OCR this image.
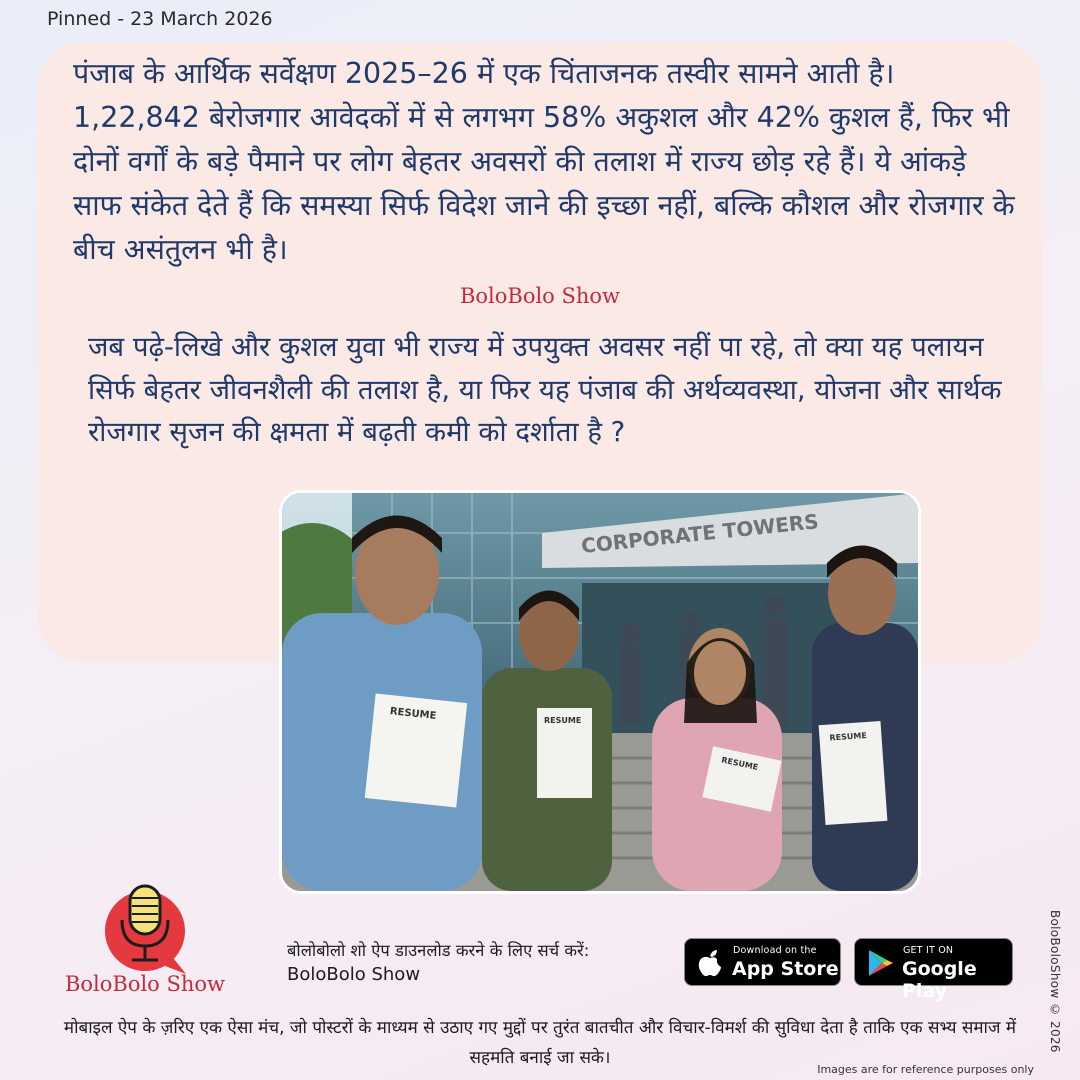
Pinned - 23 March 2026

पंजाब के आर्थिक सर्वेक्षण 2025–26 में एक चिंताजनक तस्वीर सामने आती है। 1,22,842 बेरोजगार आवेदकों में से लगभग 58% अकुशल और 42% कुशल हैं, फिर भी दोनों वर्गों के बड़े पैमाने पर लोग बेहतर अवसरों की तलाश में राज्य छोड़ रहे हैं। ये आंकड़े साफ संकेत देते हैं कि समस्या सिर्फ विदेश जाने की इच्छा नहीं, बल्कि कौशल और रोजगार के बीच असंतुलन भी है।

BoloBolo Show

जब पढ़े-लिखे और कुशल युवा भी राज्य में उपयुक्त अवसर नहीं पा रहे, तो क्या यह पलायन सिर्फ बेहतर जीवनशैली की तलाश है, या फिर यह पंजाब की अर्थव्यवस्था, योजना और सार्थक रोजगार सृजन की क्षमता में बढ़ती कमी को दर्शाता है ?

CORPORATE TOWERS
RESUME	RESUME
RESUME
RESUME
BoloBolo Show
बोलोबोलो शो ऐप डाउनलोड करने के लिए सर्च करें:
BoloBolo Show
Download on the
App Store
GET IT ON
Google Play

मोबाइल ऐप के ज़रिए एक ऐसा मंच, जो पोस्टरों के माध्यम से उठाए गए मुद्दों पर तुरंत बातचीत और विचार-विमर्श की सुविधा देता है ताकि एक सभ्य समाज में सहमति बनाई जा सके।

Images are for reference purposes only
BoloBoloShow © 2026
